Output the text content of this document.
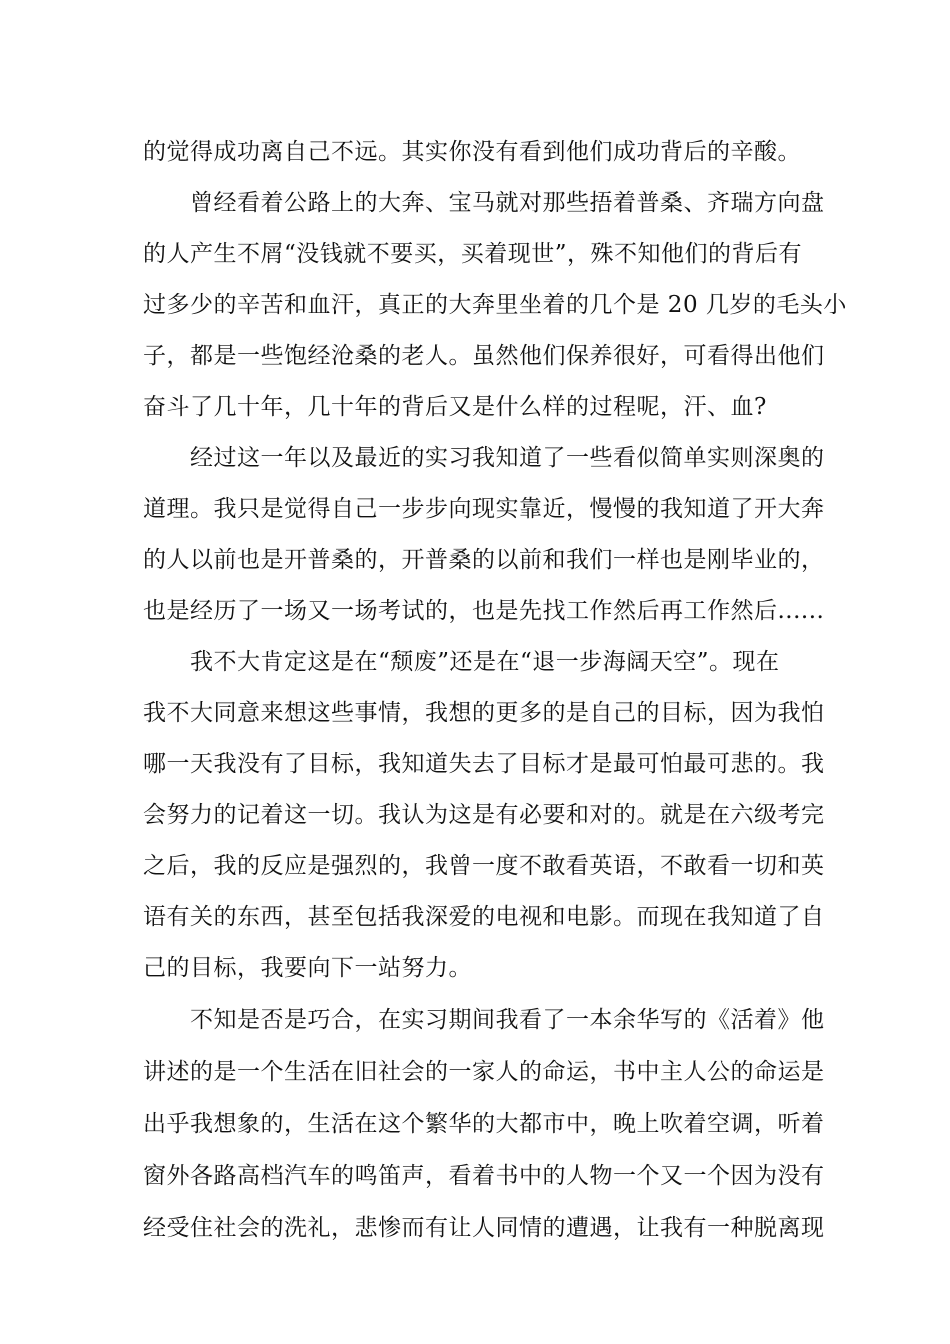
的觉得成功离自己不远。其实你没有看到他们成功背后的辛酸。
曾经看着公路上的大奔、宝马就对那些捂着普桑、齐瑞方向盘
的人产生不屑“没钱就不要买，买着现世”，殊不知他们的背后有
过多少的辛苦和血汗，真正的大奔里坐着的几个是 20 几岁的毛头小
子，都是一些饱经沧桑的老人。虽然他们保养很好，可看得出他们
奋斗了几十年，几十年的背后又是什么样的过程呢，汗、血?
经过这一年以及最近的实习我知道了一些看似简单实则深奥的
道理。我只是觉得自己一步步向现实靠近，慢慢的我知道了开大奔
的人以前也是开普桑的，开普桑的以前和我们一样也是刚毕业的，
也是经历了一场又一场考试的，也是先找工作然后再工作然后......
我不大肯定这是在“颓废”还是在“退一步海阔天空”。现在
我不大同意来想这些事情，我想的更多的是自己的目标，因为我怕
哪一天我没有了目标，我知道失去了目标才是最可怕最可悲的。我
会努力的记着这一切。我认为这是有必要和对的。就是在六级考完
之后，我的反应是强烈的，我曾一度不敢看英语，不敢看一切和英
语有关的东西，甚至包括我深爱的电视和电影。而现在我知道了自
己的目标，我要向下一站努力。
不知是否是巧合，在实习期间我看了一本余华写的《活着》他
讲述的是一个生活在旧社会的一家人的命运，书中主人公的命运是
出乎我想象的，生活在这个繁华的大都市中，晚上吹着空调，听着
窗外各路高档汽车的鸣笛声，看着书中的人物一个又一个因为没有
经受住社会的洗礼，悲惨而有让人同情的遭遇，让我有一种脱离现
